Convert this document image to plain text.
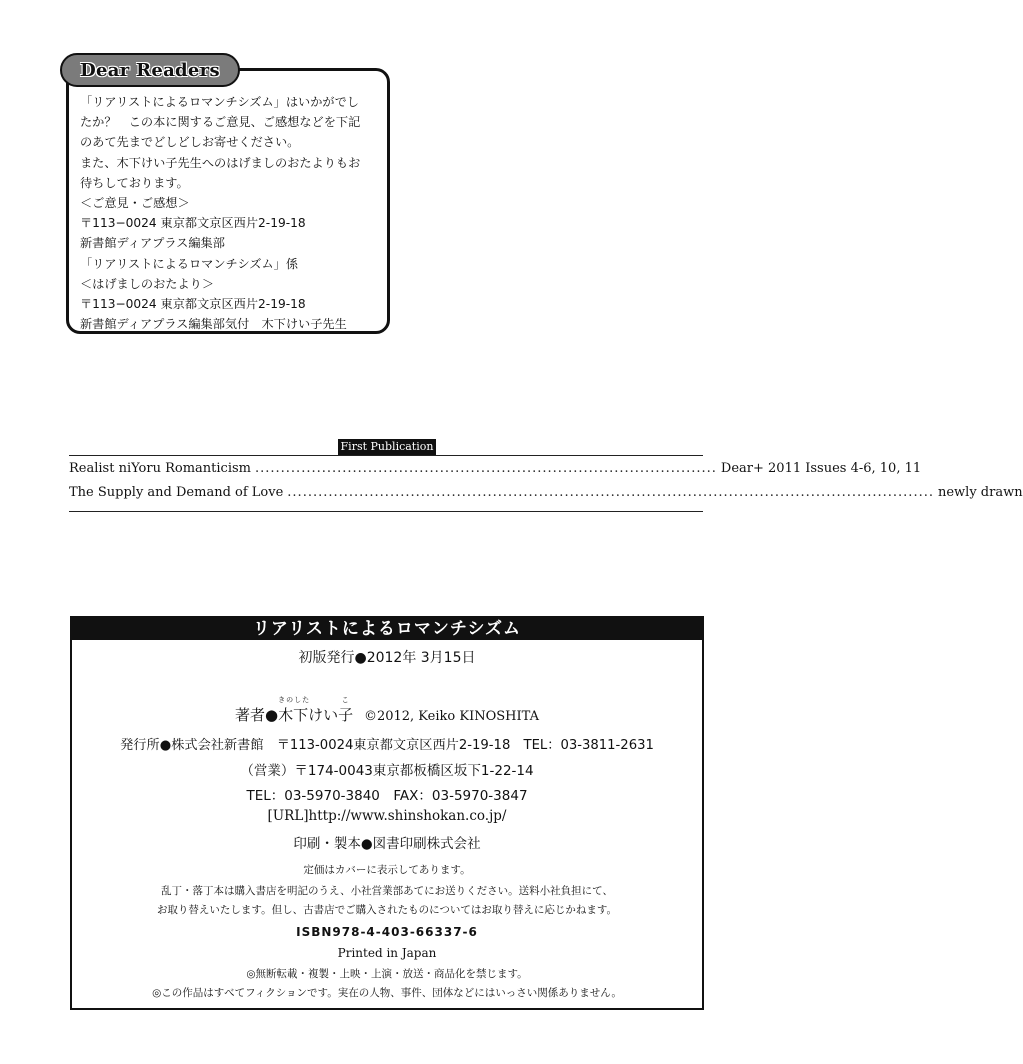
Dear Readers
「リアリストによるロマンチシズム」はいかがでし
たか？　この本に関するご意見、ご感想などを下記
のあて先までどしどしお寄せください。
また、木下けい子先生へのはげましのおたよりもお
待ちしております。
＜ご意見・ご感想＞
〒113−0024 東京都文京区西片2-19-18
新書館ディアプラス編集部
「リアリストによるロマンチシズム」係
＜はげましのおたより＞
〒113−0024 東京都文京区西片2-19-18
新書館ディアプラス編集部気付　木下けい子先生
First Publication
Realist niYoru Romanticism .......................................................................................... Dear+ 2011 Issues 4-6, 10, 11
The Supply and Demand of Love .............................................................................................................................. newly drawn
リアリストによるロマンチシズム
初版発行●2012年 3月15日
著者●
きのした
木下けい
こ
子 ©2012, Keiko KINOSHITA
発行所●株式会社新書館　〒113-0024東京都文京区西片2-19-18　TEL：03-3811-2631
（営業）〒174-0043東京都板橋区坂下1-22-14
TEL：03-5970-3840　FAX：03-5970-3847
[URL]http://www.shinshokan.co.jp/
印刷・製本●図書印刷株式会社
定価はカバーに表示してあります。
乱丁・落丁本は購入書店を明記のうえ、小社営業部あてにお送りください。送料小社負担にて、
お取り替えいたします。但し、古書店でご購入されたものについてはお取り替えに応じかねます。
ISBN978-4-403-66337-6
Printed in Japan
◎無断転載・複製・上映・上演・放送・商品化を禁じます。
◎この作品はすべてフィクションです。実在の人物、事件、団体などにはいっさい関係ありません。
